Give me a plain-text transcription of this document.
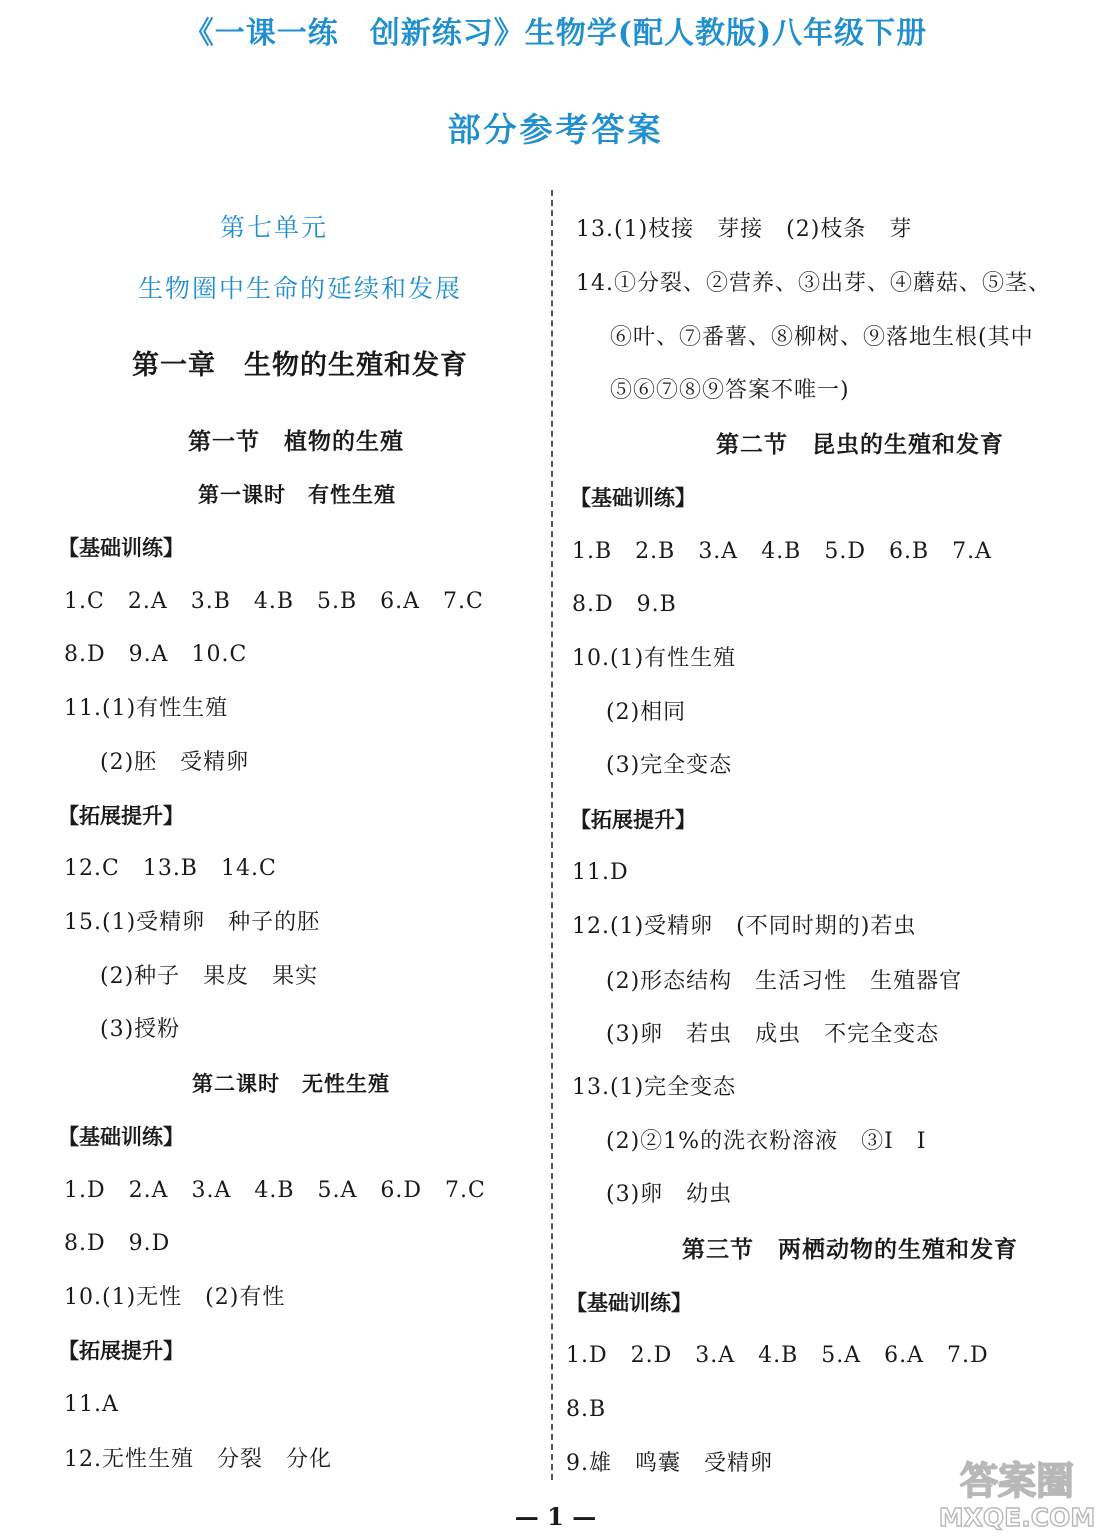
《一课一练　创新练习》生物学(配人教版)八年级下册
部分参考答案
第七单元
生物圈中生命的延续和发展
第一章　生物的生殖和发育
第一节　植物的生殖
第一课时　有性生殖
【基础训练】
1.C　2.A　3.B　4.B　5.B　6.A　7.C
8.D　9.A　10.C
11.(1)有性生殖
(2)胚　受精卵
【拓展提升】
12.C　13.B　14.C
15.(1)受精卵　种子的胚
(2)种子　果皮　果实
(3)授粉
第二课时　无性生殖
【基础训练】
1.D　2.A　3.A　4.B　5.A　6.D　7.C
8.D　9.D
10.(1)无性　(2)有性
【拓展提升】
11.A
12.无性生殖　分裂　分化
13.(1)枝接　芽接　(2)枝条　芽
14.①分裂、②营养、③出芽、④蘑菇、⑤茎、
⑥叶、⑦番薯、⑧柳树、⑨落地生根(其中
⑤⑥⑦⑧⑨答案不唯一)
第二节　昆虫的生殖和发育
【基础训练】
1.B　2.B　3.A　4.B　5.D　6.B　7.A
8.D　9.B
10.(1)有性生殖
(2)相同
(3)完全变态
【拓展提升】
11.D
12.(1)受精卵　(不同时期的)若虫
(2)形态结构　生活习性　生殖器官
(3)卵　若虫　成虫　不完全变态
13.(1)完全变态
(2)②1%的洗衣粉溶液　③Ⅰ　Ⅰ
(3)卵　幼虫
第三节　两栖动物的生殖和发育
【基础训练】
1.D　2.D　3.A　4.B　5.A　6.A　7.D
8.B
9.雄　鸣囊　受精卵
— 1 —
答案圈
MXQE.COM
